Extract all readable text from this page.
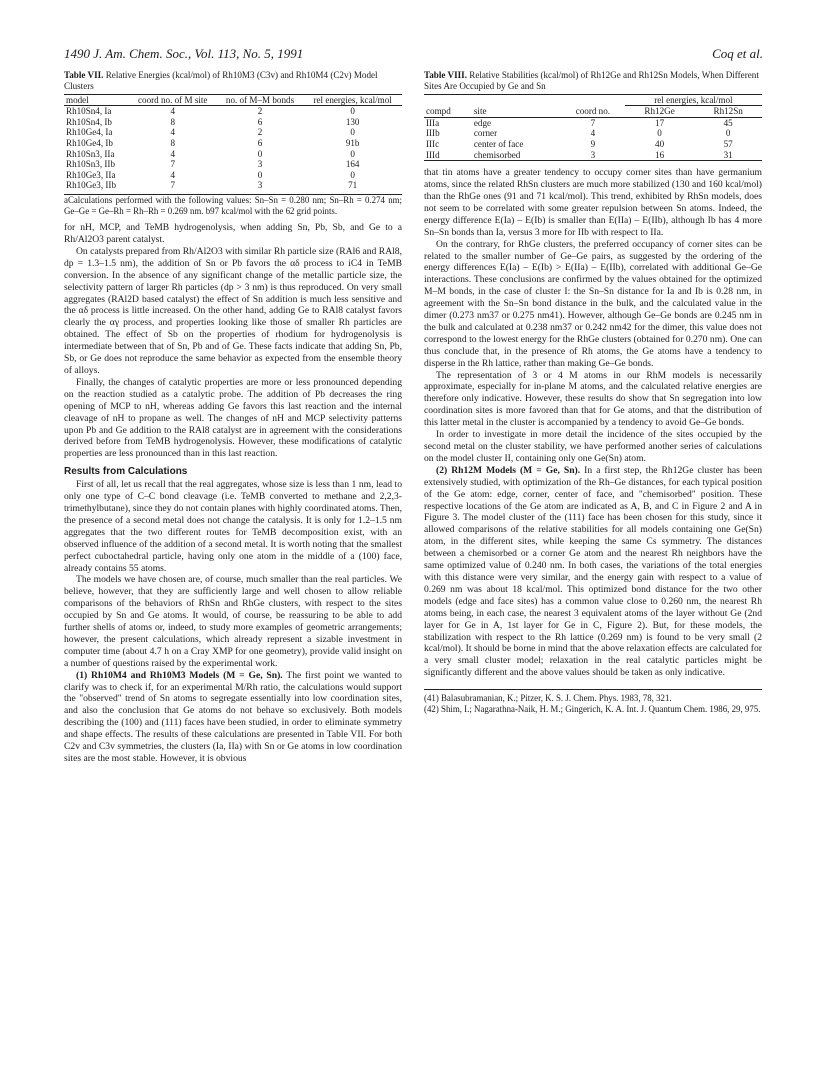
1490 J. Am. Chem. Soc., Vol. 113, No. 5, 1991	Coq et al.
Table VII. Relative Energies (kcal/mol) of Rh10M3 (C3v) and Rh10M4 (C2v) Model Clusters
model	coord no. of M site	no. of M–M bonds	rel energies, kcal/mol
Rh10Sn4, Ia	4	2	0
Rh10Sn4, Ib	8	6	130
Rh10Ge4, Ia	4	2	0
Rh10Ge4, Ib	8	6	91b
Rh10Sn3, IIa	4	0	0
Rh10Sn3, IIb	7	3	164
Rh10Ge3, IIa	4	0	0
Rh10Ge3, IIb	7	3	71
aCalculations performed with the following values: Sn–Sn = 0.280 nm; Sn–Rh = 0.274 nm; Ge–Ge = Ge–Rh = Rh–Rh = 0.269 nm. b97 kcal/mol with the 62 grid points.

for nH, MCP, and TeMB hydrogenolysis, when adding Sn, Pb, Sb, and Ge to a Rh/Al2O3 parent catalyst.

On catalysts prepared from Rh/Al2O3 with similar Rh particle size (RAl6 and RAl8, dp = 1.3–1.5 nm), the addition of Sn or Pb favors the αδ process to iC4 in TeMB conversion. In the absence of any significant change of the metallic particle size, the selectivity pattern of larger Rh particles (dp > 3 nm) is thus reproduced. On very small aggregates (RAl2D based catalyst) the effect of Sn addition is much less sensitive and the αδ process is little increased. On the other hand, adding Ge to RAl8 catalyst favors clearly the αγ process, and properties looking like those of smaller Rh particles are obtained. The effect of Sb on the properties of rhodium for hydrogenolysis is intermediate between that of Sn, Pb and of Ge. These facts indicate that adding Sn, Pb, Sb, or Ge does not reproduce the same behavior as expected from the ensemble theory of alloys.

Finally, the changes of catalytic properties are more or less pronounced depending on the reaction studied as a catalytic probe. The addition of Pb decreases the ring opening of MCP to nH, whereas adding Ge favors this last reaction and the internal cleavage of nH to propane as well. The changes of nH and MCP selectivity patterns upon Pb and Ge addition to the RAl8 catalyst are in agreement with the considerations derived before from TeMB hydrogenolysis. However, these modifications of catalytic properties are less pronounced than in this last reaction.

Results from Calculations

First of all, let us recall that the real aggregates, whose size is less than 1 nm, lead to only one type of C–C bond cleavage (i.e. TeMB converted to methane and 2,2,3-trimethylbutane), since they do not contain planes with highly coordinated atoms. Then, the presence of a second metal does not change the catalysis. It is only for 1.2–1.5 nm aggregates that the two different routes for TeMB decomposition exist, with an observed influence of the addition of a second metal. It is worth noting that the smallest perfect cuboctahedral particle, having only one atom in the middle of a (100) face, already contains 55 atoms.

The models we have chosen are, of course, much smaller than the real particles. We believe, however, that they are sufficiently large and well chosen to allow reliable comparisons of the behaviors of RhSn and RhGe clusters, with respect to the sites occupied by Sn and Ge atoms. It would, of course, be reassuring to be able to add further shells of atoms or, indeed, to study more examples of geometric arrangements; however, the present calculations, which already represent a sizable investment in computer time (about 4.7 h on a Cray XMP for one geometry), provide valid insight on a number of questions raised by the experimental work.

(1) Rh10M4 and Rh10M3 Models (M = Ge, Sn). The first point we wanted to clarify was to check if, for an experimental M/Rh ratio, the calculations would support the "observed" trend of Sn atoms to segregate essentially into low coordination sites, and also the conclusion that Ge atoms do not behave so exclusively. Both models describing the (100) and (111) faces have been studied, in order to eliminate symmetry and shape effects. The results of these calculations are presented in Table VII. For both C2v and C3v symmetries, the clusters (Ia, IIa) with Sn or Ge atoms in low coordination sites are the most stable. However, it is obvious

Table VIII. Relative Stabilities (kcal/mol) of Rh12Ge and Rh12Sn Models, When Different Sites Are Occupied by Ge and Sn
			rel energies, kcal/mol	
compd	site	coord no.	Rh12Ge	Rh12Sn
IIIa	edge	7	17	45
IIIb	corner	4	0	0
IIIc	center of face	9	40	57
IIId	chemisorbed	3	16	31

that tin atoms have a greater tendency to occupy corner sites than have germanium atoms, since the related RhSn clusters are much more stabilized (130 and 160 kcal/mol) than the RhGe ones (91 and 71 kcal/mol). This trend, exhibited by RhSn models, does not seem to be correlated with some greater repulsion between Sn atoms. Indeed, the energy difference E(Ia) – E(Ib) is smaller than E(IIa) – E(IIb), although Ib has 4 more Sn–Sn bonds than Ia, versus 3 more for IIb with respect to IIa.

On the contrary, for RhGe clusters, the preferred occupancy of corner sites can be related to the smaller number of Ge–Ge pairs, as suggested by the ordering of the energy differences E(Ia) – E(Ib) > E(IIa) – E(IIb), correlated with additional Ge–Ge interactions. These conclusions are confirmed by the values obtained for the optimized M–M bonds, in the case of cluster I: the Sn–Sn distance for Ia and Ib is 0.28 nm, in agreement with the Sn–Sn bond distance in the bulk, and the calculated value in the dimer (0.273 nm37 or 0.275 nm41). However, although Ge–Ge bonds are 0.245 nm in the bulk and calculated at 0.238 nm37 or 0.242 nm42 for the dimer, this value does not correspond to the lowest energy for the RhGe clusters (obtained for 0.270 nm). One can thus conclude that, in the presence of Rh atoms, the Ge atoms have a tendency to disperse in the Rh lattice, rather than making Ge–Ge bonds.

The representation of 3 or 4 M atoms in our RhM models is necessarily approximate, especially for in-plane M atoms, and the calculated relative energies are therefore only indicative. However, these results do show that Sn segregation into low coordination sites is more favored than that for Ge atoms, and that the distribution of this latter metal in the cluster is accompanied by a tendency to avoid Ge–Ge bonds.

In order to investigate in more detail the incidence of the sites occupied by the second metal on the cluster stability, we have performed another series of calculations on the model cluster II, containing only one Ge(Sn) atom.

(2) Rh12M Models (M = Ge, Sn). In a first step, the Rh12Ge cluster has been extensively studied, with optimization of the Rh–Ge distances, for each typical position of the Ge atom: edge, corner, center of face, and "chemisorbed" position. These respective locations of the Ge atom are indicated as A, B, and C in Figure 2 and A in Figure 3. The model cluster of the (111) face has been chosen for this study, since it allowed comparisons of the relative stabilities for all models containing one Ge(Sn) atom, in the different sites, while keeping the same Cs symmetry. The distances between a chemisorbed or a corner Ge atom and the nearest Rh neighbors have the same optimized value of 0.240 nm. In both cases, the variations of the total energies with this distance were very similar, and the energy gain with respect to a value of 0.269 nm was about 18 kcal/mol. This optimized bond distance for the two other models (edge and face sites) has a common value close to 0.260 nm, the nearest Rh atoms being, in each case, the nearest 3 equivalent atoms of the layer without Ge (2nd layer for Ge in A, 1st layer for Ge in C, Figure 2). But, for these models, the stabilization with respect to the Rh lattice (0.269 nm) is found to be very small (2 kcal/mol). It should be borne in mind that the above relaxation effects are calculated for a very small cluster model; relaxation in the real catalytic particles might be significantly different and the above values should be taken as only indicative.

(41) Balasubramanian, K.; Pitzer, K. S. J. Chem. Phys. 1983, 78, 321.
(42) Shim, I.; Nagarathna-Naik, H. M.; Gingerich, K. A. Int. J. Quantum Chem. 1986, 29, 975.
